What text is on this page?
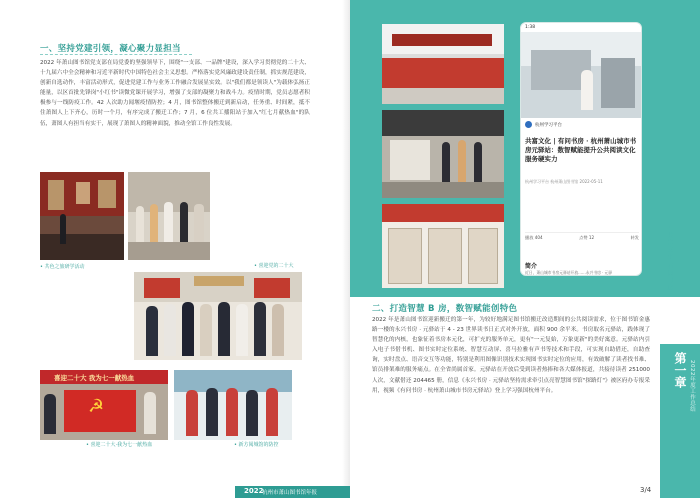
一、坚持党建引领，凝心聚力显担当
2022 年萧山图书馆党支部在局党委的坚强领导下，围绕"一支部、一品牌"建设，深入学习贯彻党的二十大、十九届六中全会精神和习近平新时代中国特色社会主义思想。严格落实党风廉政建设责任制，抓实规范建设，创新自选动作，丰富活动形式，促进党建工作与业务工作融合发展显实效。以"我们都是领读人"为载体弘扬正能量，以区首批先锋岗"小红书"读微党课开展学习，增强了支部的凝聚力和战斗力。疫情时期，党员志愿者积极参与一线防疫工作。42 人次助力闻堰疫情防控；4 月，图书馆整体搬迁到新启动，任务重、时间紧，抵不住萧图人上下齐心，历时一个月，有序完成了搬迁工作；7 月，6 位共工播阳站于加入"红七月献热血"的队伍，萧图人有担当有实干，展现了萧图人的精神面貌，推动全馆工作良性发展。
• 共色之旅研学活动	• 喜迎党的二十大
喜迎二十大 我为七一献热血
☭
• 喜迎二十大·我为七一献热血	• 新方阅城馆的防控
2022
杭州市萧山图书馆年报
1:38
杭州学习平台
共富文化 | 有问书房 · 杭州萧山城市书房元驿站：数智赋能提升公共阅读文化服务硬实力
杭州学习平台 杭州萧山图书馆 2022-05-11
播放 404	点赞 12	转发
简介
近日，萧山城市书房元驿站开放……永兴书房 · 元驿	• 共富文化 有问书房
二、打造智慧 B 房，数智赋能创特色
2022 年是萧山图书馆迎新搬迁的第一年，为较好地满足图书馆搬迁改造期间的公共阅读需求，位于图书馆金惠路一楼的永兴书房 · 元驿站于 4 - 23 世界读书日正式对外开放，面积 900 余平米。书房取名元驿站，践体现了智慧化的内核，也象征着书房本元化，可扩充的服务单元，更有"一元复始，万象更新"的美好寓意。元驿站内引入电子书借书机、图书实时定位系统、智慧互动屏、喜马拉雅有声书等技术和手段，可实现自助借还，自助查询，实时盘点、语音交互等功能，特别是利用图像识别技术实现图书实时定位的应用，有效破解了读者找书难、馆员排架难的服务痛点。在全省尚属首家。元驿站在开放后受到读者热捧和各大媒体报道，共接待读者 251000 人次，文献借还 204465 册，信息《永兴书房 · 元驿站坚持需求牵引点亮智慧图书馆"探路灯"》被区府办专报采用，视频《有问书房 · 杭州萧山城市书房元驿站》登上学习强国杭州平台。
第一章 2022年度工作总结
3/4
